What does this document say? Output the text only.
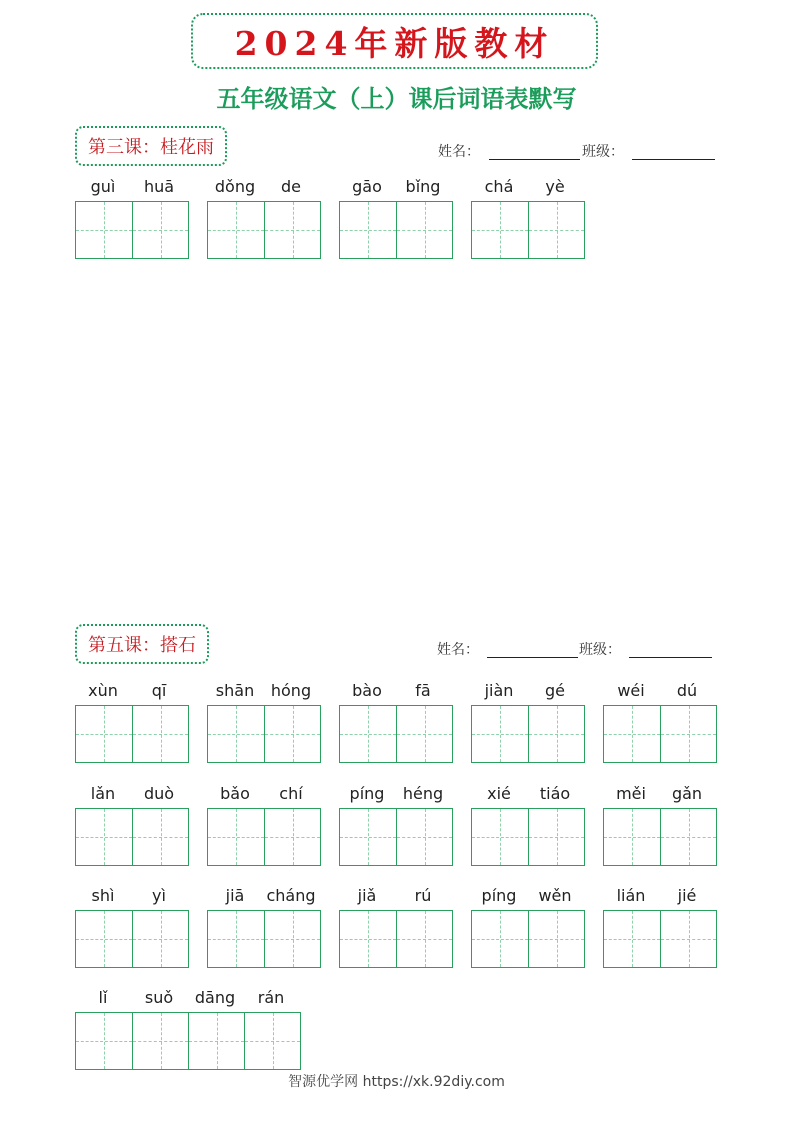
2024年新版教材
五年级语文（上）课后词语表默写
第三课：桂花雨	姓名：	班级：
guì	huā	dǒng	de	gāo	bǐng	chá	yè
第五课：搭石	姓名：	班级：
xùn	qī	shān	hóng	bào	fā	jiàn	gé	wéi	dú
lǎn	duò	bǎo	chí	píng	héng	xié	tiáo	měi	gǎn
shì	yì	jiā	cháng	jiǎ	rú	píng	wěn	lián	jié
lǐ	suǒ	dāng	rán
智源优学网 https://xk.92diy.com
